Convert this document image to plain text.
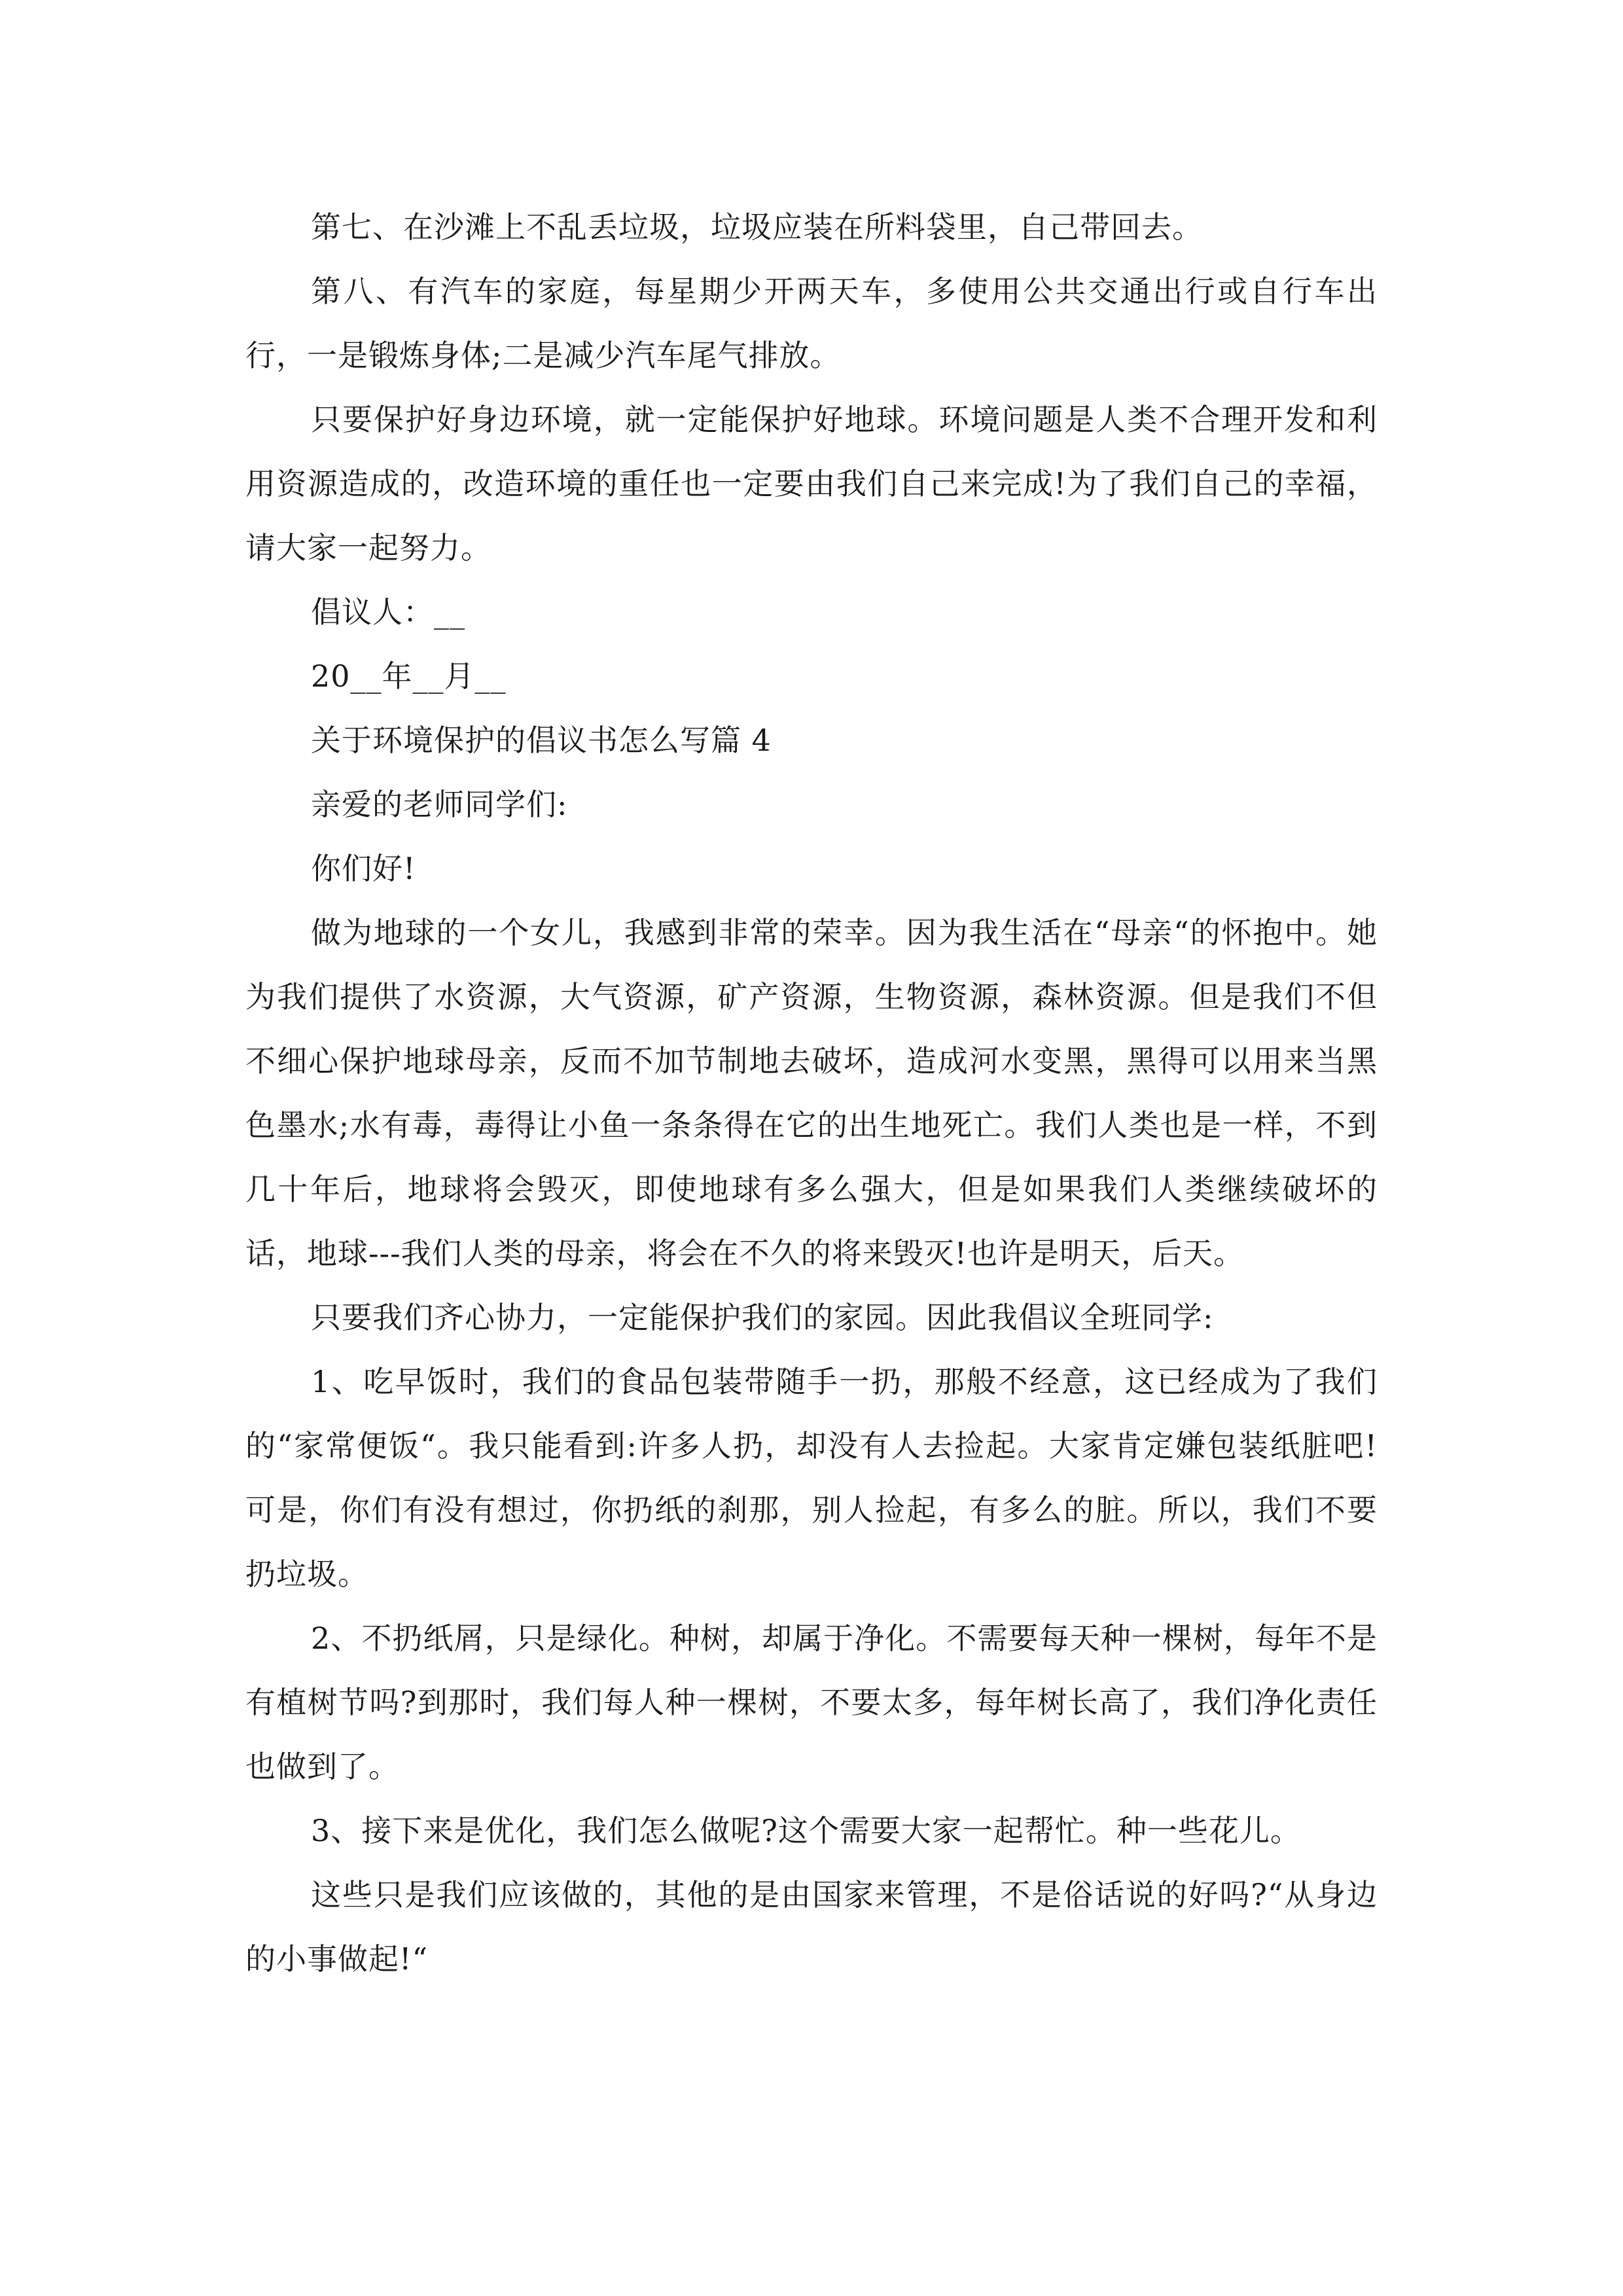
第七、在沙滩上不乱丢垃圾，垃圾应装在所料袋里，自己带回去。

第八、有汽车的家庭，每星期少开两天车，多使用公共交通出行或自行车出行，一是锻炼身体;二是减少汽车尾气排放。

只要保护好身边环境，就一定能保护好地球。环境问题是人类不合理开发和利用资源造成的，改造环境的重任也一定要由我们自己来完成!为了我们自己的幸福，请大家一起努力。

倡议人：__

20__年__月__

关于环境保护的倡议书怎么写篇 4

亲爱的老师同学们:

你们好!

做为地球的一个女儿，我感到非常的荣幸。因为我生活在“母亲“的怀抱中。她为我们提供了水资源，大气资源，矿产资源，生物资源，森林资源。但是我们不但不细心保护地球母亲，反而不加节制地去破坏，造成河水变黑，黑得可以用来当黑色墨水;水有毒，毒得让小鱼一条条得在它的出生地死亡。我们人类也是一样，不到几十年后，地球将会毁灭，即使地球有多么强大，但是如果我们人类继续破坏的话，地球---我们人类的母亲，将会在不久的将来毁灭!也许是明天，后天。

只要我们齐心协力，一定能保护我们的家园。因此我倡议全班同学:

1、吃早饭时，我们的食品包装带随手一扔，那般不经意，这已经成为了我们的“家常便饭“。我只能看到:许多人扔，却没有人去捡起。大家肯定嫌包装纸脏吧!可是，你们有没有想过，你扔纸的刹那，别人捡起，有多么的脏。所以，我们不要扔垃圾。

2、不扔纸屑，只是绿化。种树，却属于净化。不需要每天种一棵树，每年不是有植树节吗?到那时，我们每人种一棵树，不要太多，每年树长高了，我们净化责任也做到了。

3、接下来是优化，我们怎么做呢?这个需要大家一起帮忙。种一些花儿。

这些只是我们应该做的，其他的是由国家来管理，不是俗话说的好吗?“从身边的小事做起!“
